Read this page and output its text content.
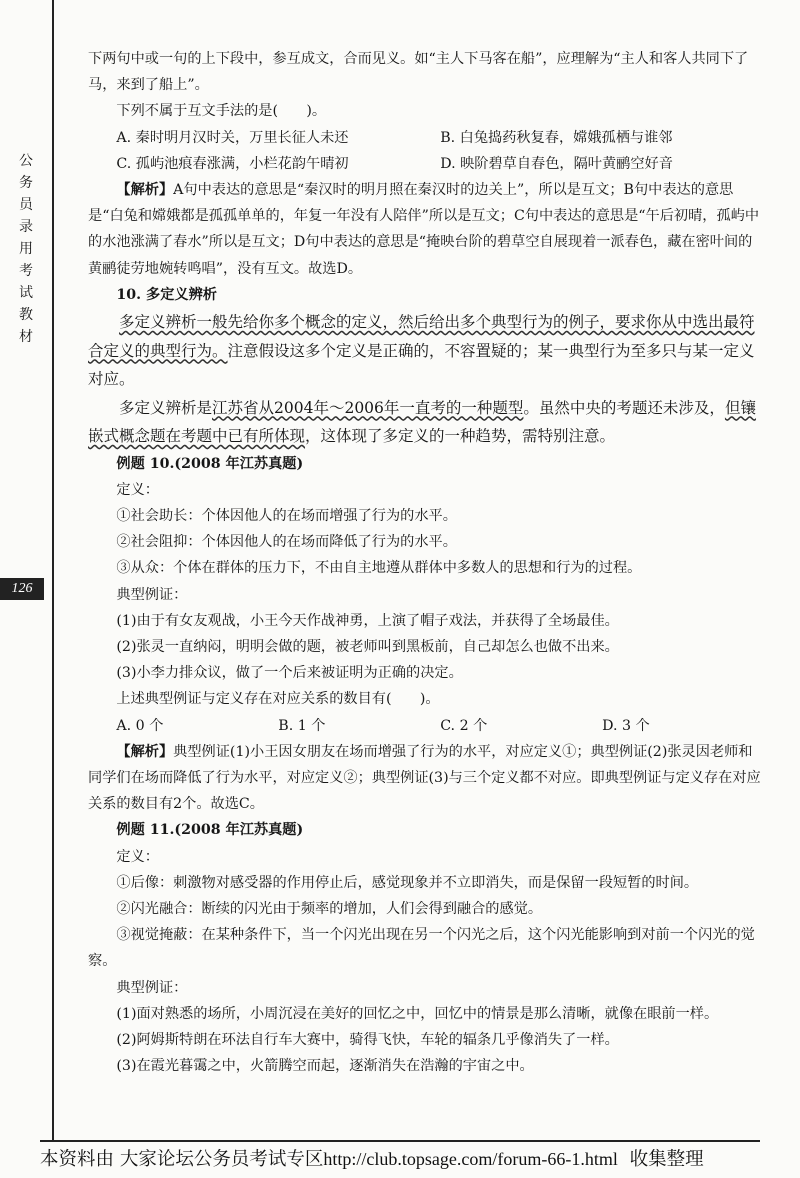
公务员录用考试教材
126

下两句中或一句的上下段中，参互成文，合而见义。如“主人下马客在船”，应理解为“主人和客人共同下了马，来到了船上”。

下列不属于互文手法的是(　　)。

A. 秦时明月汉时关，万里长征人未还	B. 白兔捣药秋复春，嫦娥孤栖与谁邻
C. 孤屿池痕春涨满，小栏花韵午晴初	D. 映阶碧草自春色，隔叶黄鹂空好音

【解析】A句中表达的意思是“秦汉时的明月照在秦汉时的边关上”，所以是互文；B句中表达的意思是“白兔和嫦娥都是孤孤单单的，年复一年没有人陪伴”所以是互文；C句中表达的意思是“午后初晴，孤屿中的水池涨满了春水”所以是互文；D句中表达的意思是“掩映台阶的碧草空自展现着一派春色，藏在密叶间的黄鹂徒劳地婉转鸣唱”，没有互文。故选D。

10. 多定义辨析

多定义辨析一般先给你多个概念的定义，然后给出多个典型行为的例子，要求你从中选出最符合定义的典型行为。注意假设这多个定义是正确的，不容置疑的；某一典型行为至多只与某一定义对应。

多定义辨析是江苏省从2004年～2006年一直考的一种题型。虽然中央的考题还未涉及，但镶嵌式概念题在考题中已有所体现，这体现了多定义的一种趋势，需特别注意。

例题 10.(2008 年江苏真题)

定义：

①社会助长：个体因他人的在场而增强了行为的水平。

②社会阻抑：个体因他人的在场而降低了行为的水平。

③从众：个体在群体的压力下，不由自主地遵从群体中多数人的思想和行为的过程。

典型例证：

(1)由于有女友观战，小王今天作战神勇，上演了帽子戏法，并获得了全场最佳。

(2)张灵一直纳闷，明明会做的题，被老师叫到黑板前，自己却怎么也做不出来。

(3)小李力排众议，做了一个后来被证明为正确的决定。

上述典型例证与定义存在对应关系的数目有(　　)。

A. 0 个	B. 1 个	C. 2 个	D. 3 个

【解析】典型例证(1)小王因女朋友在场而增强了行为的水平，对应定义①；典型例证(2)张灵因老师和同学们在场而降低了行为水平，对应定义②；典型例证(3)与三个定义都不对应。即典型例证与定义存在对应关系的数目有2个。故选C。

例题 11.(2008 年江苏真题)

定义：

①后像：刺激物对感受器的作用停止后，感觉现象并不立即消失，而是保留一段短暂的时间。

②闪光融合：断续的闪光由于频率的增加，人们会得到融合的感觉。

③视觉掩蔽：在某种条件下，当一个闪光出现在另一个闪光之后，这个闪光能影响到对前一个闪光的觉察。

典型例证：

(1)面对熟悉的场所，小周沉浸在美好的回忆之中，回忆中的情景是那么清晰，就像在眼前一样。

(2)阿姆斯特朗在环法自行车大赛中，骑得飞快，车轮的辐条几乎像消失了一样。

(3)在霞光暮霭之中，火箭腾空而起，逐渐消失在浩瀚的宇宙之中。

本资料由 大家论坛公务员考试专区http://club.topsage.com/forum-66-1.html 收集整理
